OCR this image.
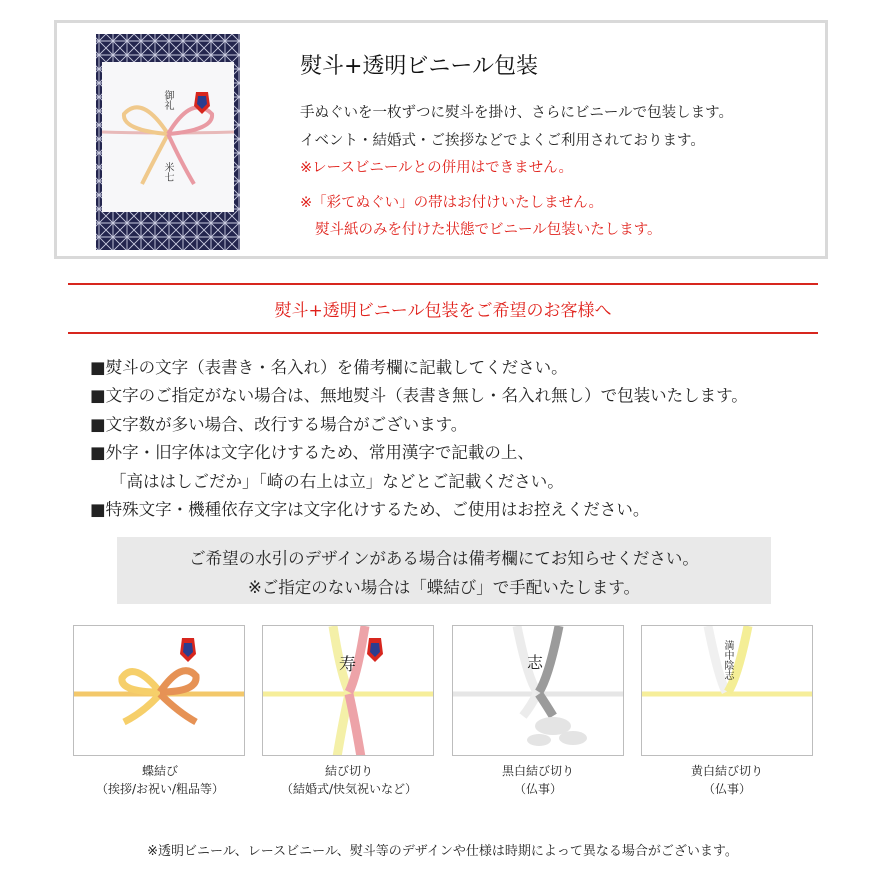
御礼
米七
熨斗+透明ビニール包装
手ぬぐいを一枚ずつに熨斗を掛け、さらにビニールで包装します。
イベント・結婚式・ご挨拶などでよくご利用されております。
※レースビニールとの併用はできません。
※「彩てぬぐい」の帯はお付けいたしません。
熨斗紙のみを付けた状態でビニール包装いたします。
熨斗+透明ビニール包装をご希望のお客様へ
■熨斗の文字（表書き・名入れ）を備考欄に記載してください。
■文字のご指定がない場合は、無地熨斗（表書き無し・名入れ無し）で包装いたします。
■文字数が多い場合、改行する場合がございます。
■外字・旧字体は文字化けするため、常用漢字で記載の上、
「高ははしごだか」「崎の右上は立」などとご記載ください。
■特殊文字・機種依存文字は文字化けするため、ご使用はお控えください。
ご希望の水引のデザインがある場合は備考欄にてお知らせください。
※ご指定のない場合は「蝶結び」で手配いたします。
蝶結び
（挨拶/お祝い/粗品等）
寿
結び切り
（結婚式/快気祝いなど）
志
黒白結び切り
（仏事）
満中陰志
黄白結び切り
（仏事）
※透明ビニール、レースビニール、熨斗等のデザインや仕様は時期によって異なる場合がございます。
